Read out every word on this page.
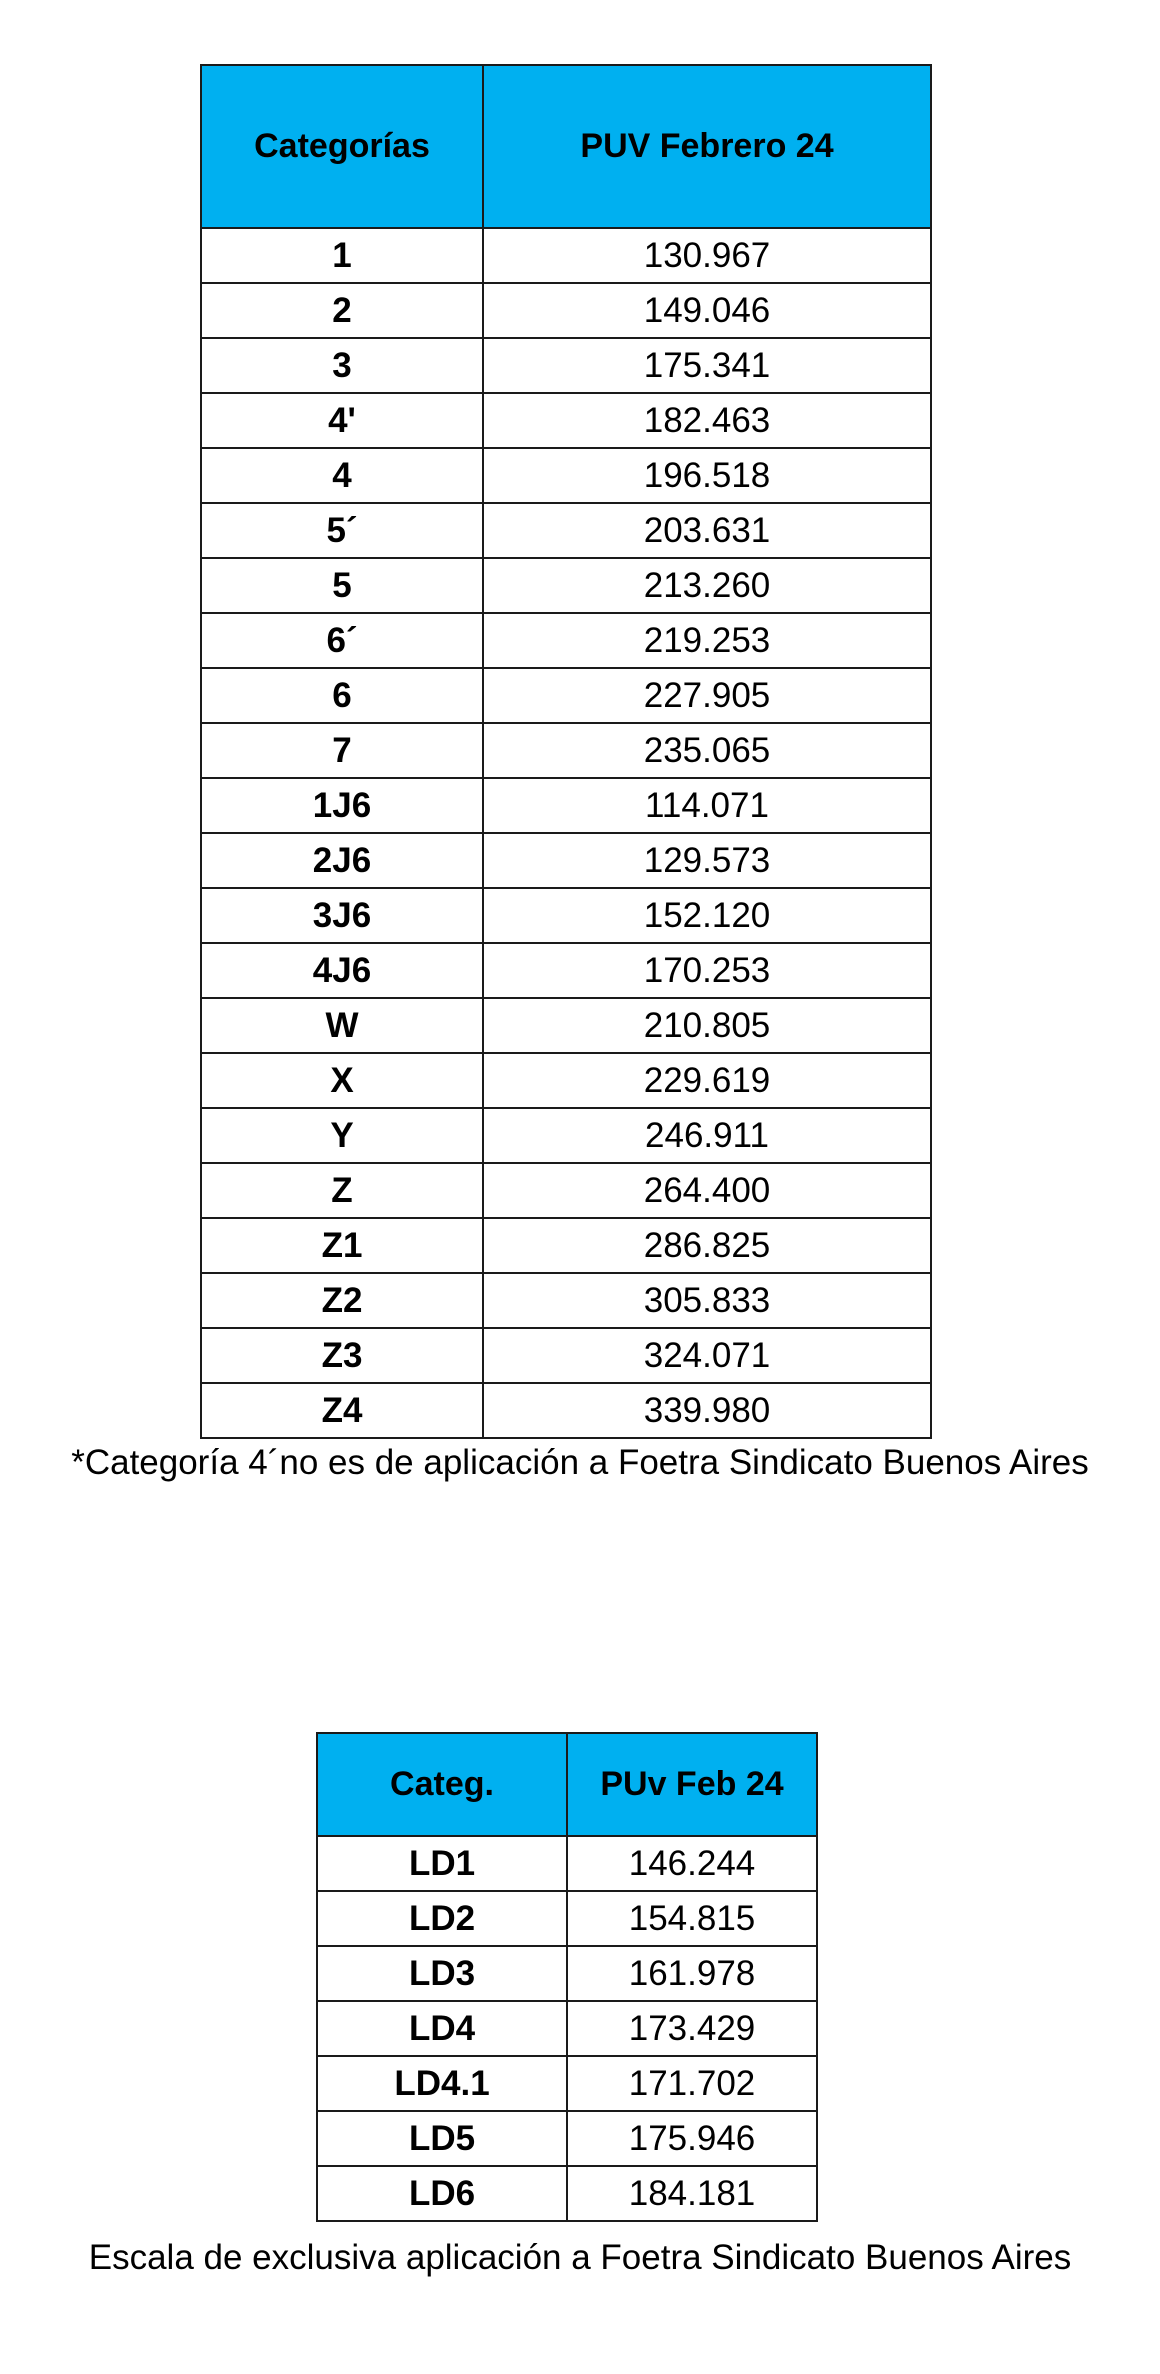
Categorías	PUV Febrero 24
1	130.967
2	149.046
3	175.341
4'	182.463
4	196.518
5´	203.631
5	213.260
6´	219.253
6	227.905
7	235.065
1J6	114.071
2J6	129.573
3J6	152.120
4J6	170.253
W	210.805
X	229.619
Y	246.911
Z	264.400
Z1	286.825
Z2	305.833
Z3	324.071
Z4	339.980
*Categoría 4´no es de aplicación a Foetra Sindicato Buenos Aires
Categ.	PUv Feb 24
LD1	146.244
LD2	154.815
LD3	161.978
LD4	173.429
LD4.1	171.702
LD5	175.946
LD6	184.181
Escala de exclusiva aplicación a Foetra Sindicato Buenos Aires
